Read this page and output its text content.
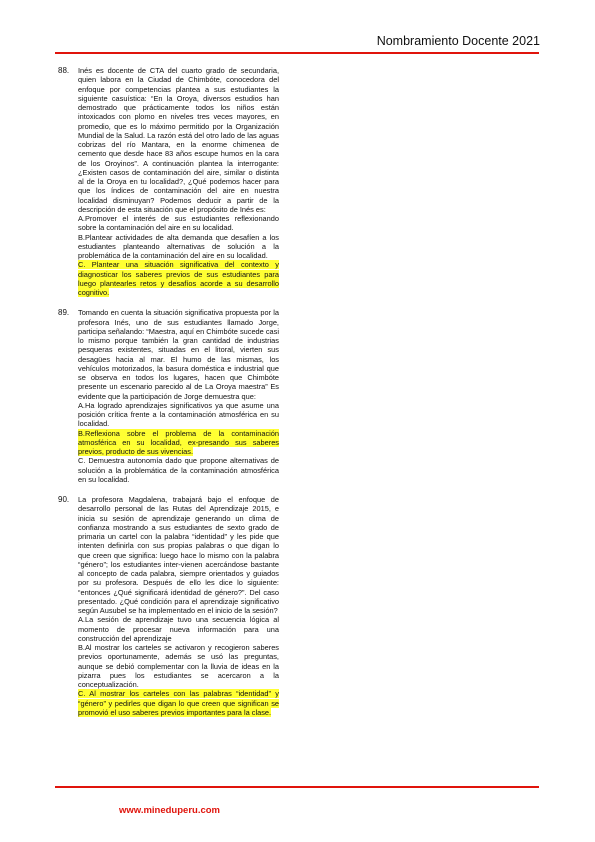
Nombramiento Docente 2021
88. Inés es docente de CTA del cuarto grado de secundaria, quien labora en la Ciudad de Chimbóte, conocedora del enfoque por competencias plantea a sus estudiantes la siguiente casuística: “En la Oroya, diversos estudios han demostrado que prácticamente todos los niños están intoxicados con plomo en niveles tres veces mayores, en promedio, que es lo máximo permitido por la Organización Mundial de la Salud. La razón está del otro lado de las aguas cobrizas del río Mantara, en la enorme chimenea de cemento que desde hace 83 años escupe humos en la cara de los Oroyinos”. A continuación plantea la interrogante: ¿Existen casos de contaminación del aire, similar o distinta al de la Oroya en tu localidad?, ¿Qué podemos hacer para que los índices de contaminación del aire en nuestra localidad disminuyan? Podemos deducir a partir de la descripción de esta situación que el propósito de Inés es:

A.Promover el interés de sus estudiantes reflexionando sobre la contaminación del aire en su localidad.

B.Plantear actividades de alta demanda que desafíen a los estudiantes planteando alternativas de solución a la problemática de la contaminación del aire en su localidad.

C. Plantear una situación significativa del contexto y diagnosticar los saberes previos de sus estudiantes para luego plantearles retos y desafíos acorde a su desarrollo cognitivo.

89. Tomando en cuenta la situación significativa propuesta por la profesora Inés, uno de sus estudiantes llamado Jorge, participa señalando: “Maestra, aquí en Chimbóte sucede casi lo mismo porque también la gran cantidad de industrias pesqueras existentes, situadas en el litoral, vierten sus desagües hacia al mar. El humo de las mismas, los vehículos motorizados, la basura doméstica e industrial que se observa en todos los lugares, hacen que Chimbóte presente un escenario parecido al de La Oroya maestra” Es evidente que la participación de Jorge demuestra que:

A.Ha logrado aprendizajes significativos ya que asume una posición crítica frente a la contaminación atmosférica en su localidad.

B.Reflexiona sobre el problema de la contaminación atmosférica en su localidad, ex-presando sus saberes previos, producto de sus vivencias.

C. Demuestra autonomía dado que propone alternativas de solución a la problemática de la contaminación atmosférica en su localidad.

90. La profesora Magdalena, trabajará bajo el enfoque de desarrollo personal de las Rutas del Aprendizaje 2015, e inicia su sesión de aprendizaje generando un clima de confianza mostrando a sus estudiantes de sexto grado de primaria un cartel con la palabra “identidad” y les pide que intenten definirla con sus propias palabras o que digan lo que creen que significa: luego hace lo mismo con la palabra “género”; los estudiantes inter-vienen acercándose bastante al concepto de cada palabra, siempre orientados y guiados por su profesora. Después de ello les dice lo siguiente: “entonces ¿Qué significará identidad de género?”. Del caso presentado. ¿Qué condición para el aprendizaje significativo según Ausubel se ha implementado en el inicio de la sesión?

A.La sesión de aprendizaje tuvo una secuencia lógica al momento de procesar nueva información para una construcción del aprendizaje

B.Al mostrar los carteles se activaron y recogieron saberes previos oportunamente, además se usó las preguntas, aunque se debió complementar con la lluvia de ideas en la pizarra pues los estudiantes se acercaron a la conceptualización.

C. Al mostrar los carteles con las palabras “identidad” y “género” y pedirles que digan lo que creen que significan se promovió el uso saberes previos importantes para la clase.

www.mineduperu.com
